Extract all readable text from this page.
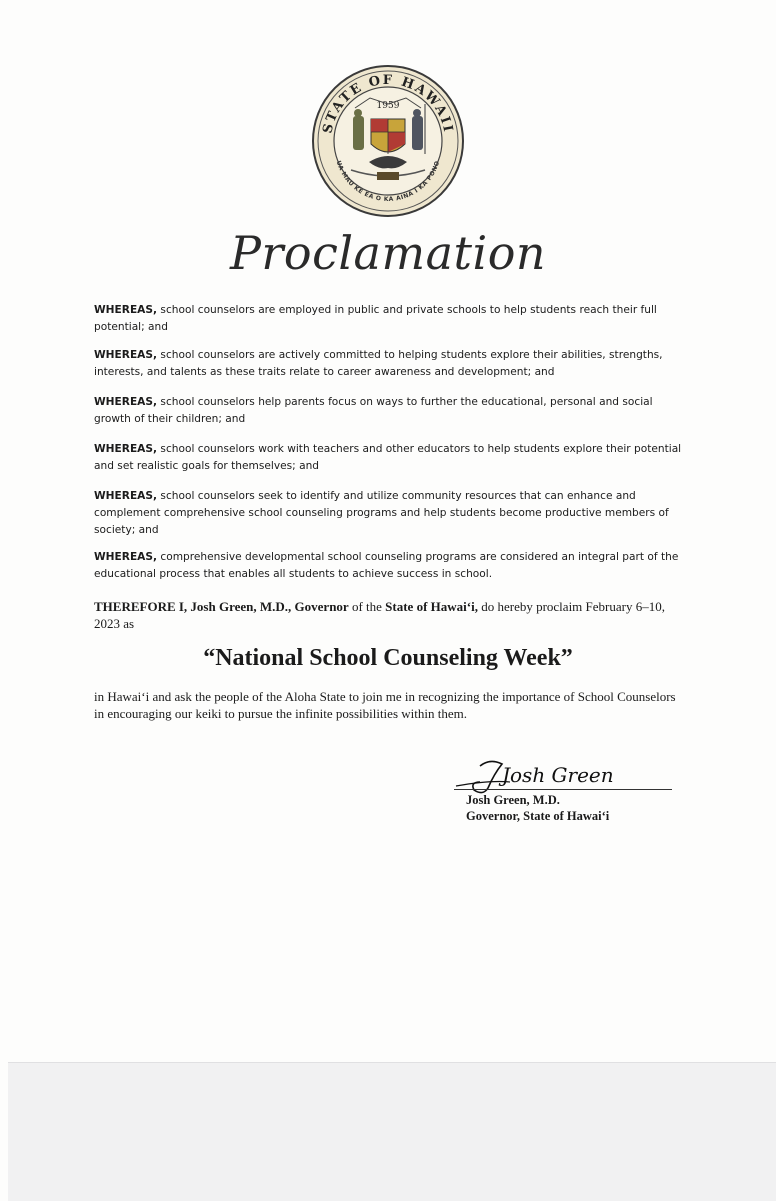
STATE OF HAWAII
UA MAU KE EA O KA AINA I KA PONO
1959
Proclamation

WHEREAS, school counselors are employed in public and private schools to help students reach their full potential; and

WHEREAS, school counselors are actively committed to helping students explore their abilities, strengths, interests, and talents as these traits relate to career awareness and development; and

WHEREAS, school counselors help parents focus on ways to further the educational, personal and social growth of their children; and

WHEREAS, school counselors work with teachers and other educators to help students explore their potential and set realistic goals for themselves; and

WHEREAS, school counselors seek to identify and utilize community resources that can enhance and complement comprehensive school counseling programs and help students become productive members of society; and

WHEREAS, comprehensive developmental school counseling programs are considered an integral part of the educational process that enables all students to achieve success in school.

THEREFORE I, Josh Green, M.D., Governor of the State of Hawai‘i, do hereby proclaim February 6–10, 2023 as

“National School Counseling Week”

in Hawai‘i and ask the people of the Aloha State to join me in recognizing the importance of School Counselors in encouraging our keiki to pursue the infinite possibilities within them.

Josh Green
Josh Green, M.D.
Governor, State of Hawai‘i
